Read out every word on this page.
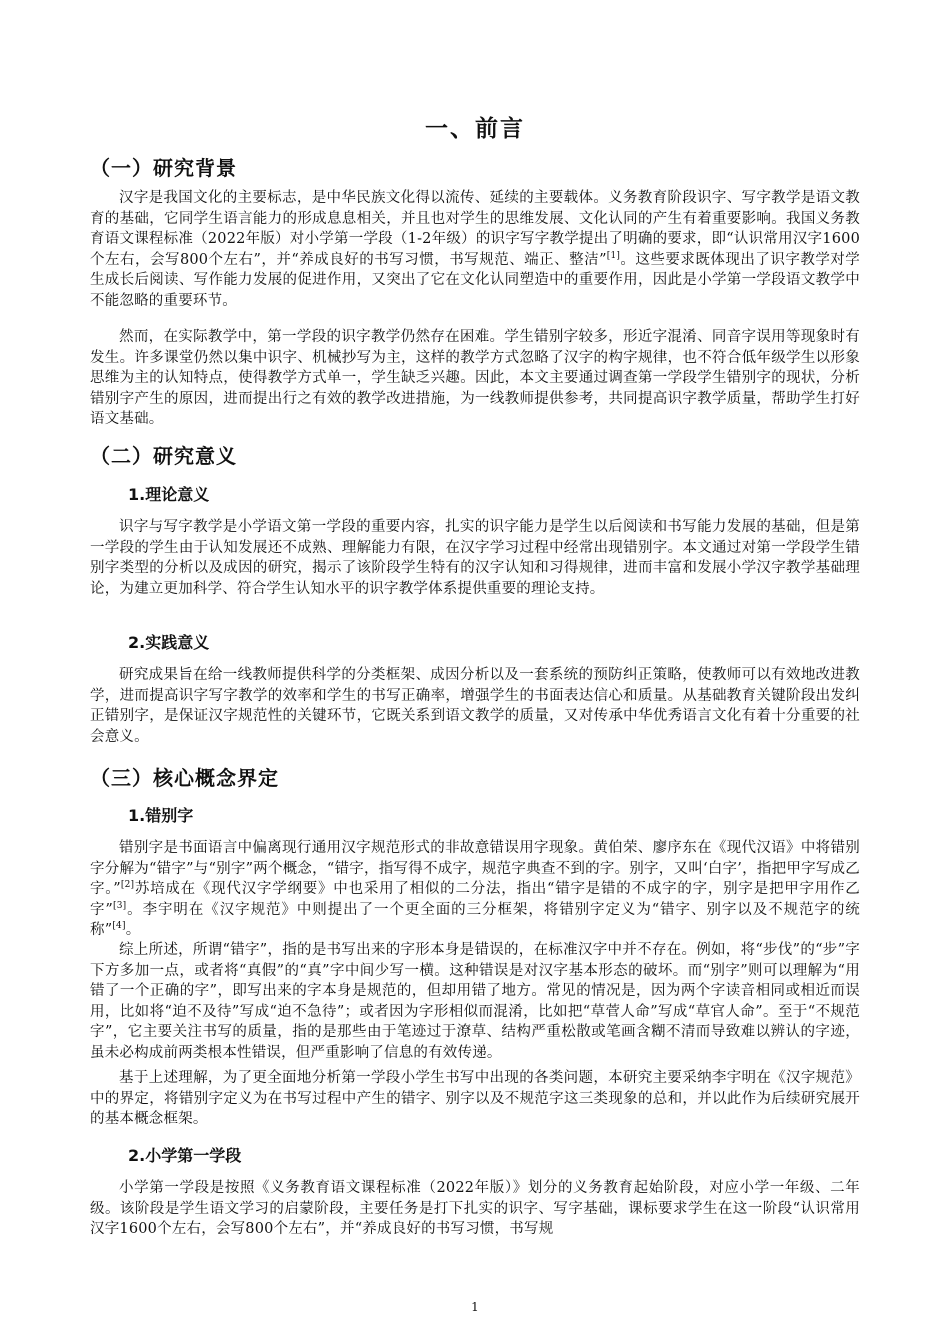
一、前言
（一）研究背景

汉字是我国文化的主要标志，是中华民族文化得以流传、延续的主要载体。义务教育阶段识字、写字教学是语文教育的基础，它同学生语言能力的形成息息相关，并且也对学生的思维发展、文化认同的产生有着重要影响。我国义务教育语文课程标准（2022年版）对小学第一学段（1-2年级）的识字写字教学提出了明确的要求，即“认识常用汉字1600个左右，会写800个左右”，并“养成良好的书写习惯，书写规范、端正、整洁”[1]。这些要求既体现出了识字教学对学生成长后阅读、写作能力发展的促进作用，又突出了它在文化认同塑造中的重要作用，因此是小学第一学段语文教学中不能忽略的重要环节。

然而，在实际教学中，第一学段的识字教学仍然存在困难。学生错别字较多，形近字混淆、同音字误用等现象时有发生。许多课堂仍然以集中识字、机械抄写为主，这样的教学方式忽略了汉字的构字规律，也不符合低年级学生以形象思维为主的认知特点，使得教学方式单一，学生缺乏兴趣。因此，本文主要通过调查第一学段学生错别字的现状，分析错别字产生的原因，进而提出行之有效的教学改进措施，为一线教师提供参考，共同提高识字教学质量，帮助学生打好语文基础。

（二）研究意义
1.理论意义

识字与写字教学是小学语文第一学段的重要内容，扎实的识字能力是学生以后阅读和书写能力发展的基础，但是第一学段的学生由于认知发展还不成熟、理解能力有限，在汉字学习过程中经常出现错别字。本文通过对第一学段学生错别字类型的分析以及成因的研究，揭示了该阶段学生特有的汉字认知和习得规律，进而丰富和发展小学汉字教学基础理论，为建立更加科学、符合学生认知水平的识字教学体系提供重要的理论支持。

2.实践意义

研究成果旨在给一线教师提供科学的分类框架、成因分析以及一套系统的预防纠正策略，使教师可以有效地改进教学，进而提高识字写字教学的效率和学生的书写正确率，增强学生的书面表达信心和质量。从基础教育关键阶段出发纠正错别字，是保证汉字规范性的关键环节，它既关系到语文教学的质量，又对传承中华优秀语言文化有着十分重要的社会意义。

（三）核心概念界定
1.错别字

错别字是书面语言中偏离现行通用汉字规范形式的非故意错误用字现象。黄伯荣、廖序东在《现代汉语》中将错别字分解为“错字”与“别字”两个概念，“错字，指写得不成字，规范字典查不到的字。别字，又叫‘白字’，指把甲字写成乙字。”[2]苏培成在《现代汉字学纲要》中也采用了相似的二分法，指出“错字是错的不成字的字，别字是把甲字用作乙字”[3]。李宇明在《汉字规范》中则提出了一个更全面的三分框架，将错别字定义为“错字、别字以及不规范字的统称”[4]。

综上所述，所谓“错字”，指的是书写出来的字形本身是错误的，在标准汉字中并不存在。例如，将“步伐”的“步”字下方多加一点，或者将“真假”的“真”字中间少写一横。这种错误是对汉字基本形态的破坏。而“别字”则可以理解为“用错了一个正确的字”，即写出来的字本身是规范的，但却用错了地方。常见的情况是，因为两个字读音相同或相近而误用，比如将“迫不及待”写成“迫不急待”；或者因为字形相似而混淆，比如把“草菅人命”写成“草官人命”。至于“不规范字”，它主要关注书写的质量，指的是那些由于笔迹过于潦草、结构严重松散或笔画含糊不清而导致难以辨认的字迹，虽未必构成前两类根本性错误，但严重影响了信息的有效传递。

基于上述理解，为了更全面地分析第一学段小学生书写中出现的各类问题，本研究主要采纳李宇明在《汉字规范》中的界定，将错别字定义为在书写过程中产生的错字、别字以及不规范字这三类现象的总和，并以此作为后续研究展开的基本概念框架。

2.小学第一学段

小学第一学段是按照《义务教育语文课程标准（2022年版）》划分的义务教育起始阶段，对应小学一年级、二年级。该阶段是学生语文学习的启蒙阶段，主要任务是打下扎实的识字、写字基础，课标要求学生在这一阶段“认识常用汉字1600个左右，会写800个左右”，并“养成良好的书写习惯，书写规

1
